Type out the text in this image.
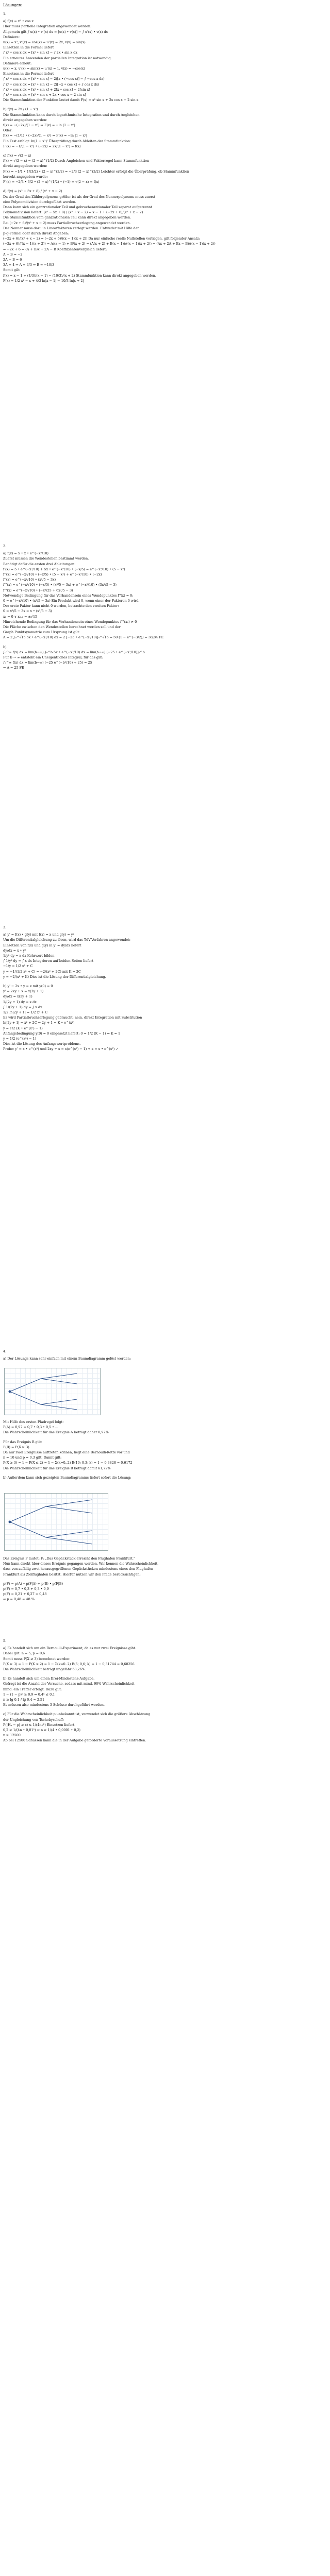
Lösungen:
1.
a) f(x) = x² • cos x
Hier muss partielle Integration angewendet werden.
Allgemein gilt ∫ u(x) • v'(x) dx = [u(x) • v(x)] − ∫ u'(x) • v(x) dx
Definiere:
u(x) = x², v'(x) = cos(x) ⇒ u'(x) = 2x, v(x) = sin(x)
Einsetzen in die Formel liefert
∫ x² • cos x dx = [x² • sin x] − ∫ 2x • sin x dx
Ein erneutes Anwenden der partiellen Integration ist notwendig.
Definiere erneut:
u(x) = x, v'(x) = sin(x) ⇒ u'(x) = 1, v(x) = −cos(x)
Einsetzen in die Formel liefert
∫ x² • cos x dx = [x² • sin x] − 2([x • (−cos x)] − ∫ −cos x dx)
∫ x² • cos x dx = [x² • sin x] − 2([−x • cos x] + ∫ cos x dx)
∫ x² • cos x dx = [x² • sin x] + 2[x • cos x] − 2[sin x]
∫ x² • cos x dx = [x² • sin x + 2x • cos x − 2 sin x]
Die Stammfunktion der Funktion lautet damit F(x) = x² sin x + 2x cos x − 2 sin x
b) f(x) = 2x / (1 − x²)
Die Stammfunktion kann durch logarithmische Integration und durch Angleichen
direkt angegeben werden:
f(x) = −(−2x)/(1 − x²) ⇒ F(x) = −ln |1 − x²|
Oder:
f(x) = −(1/1) • (−2x)/(1 − x²) ⇒ F(x) = −ln |1 − x²|
Ein Test erfolgt: ln(1 − x²)' Überprüfung durch Ableiten der Stammfunktion:
F'(x) = −1/(1 − x²) • (−2x) = 2x/(1 − x²) = f(x)
c) f(x) = √(2 − x)
f(x) = √(2 − x) = (2 − x)^(1/2) Durch Angleichen und Faktorregel kann Stammfunktion
direkt angegeben werden:
F(x) = −1/1 • 1/(3/2) • (2 − x)^(3/2) = −2/3 (2 − x)^(3/2) Leichter erfolgt die Überprüfung, ob Stammfunktion
korrekt angegeben wurde:
F'(x) = −2/3 • 3/2 • (2 − x)^(1/2) • (−1) = √(2 − x) = f(x)
d) f(x) = (x³ − 5x + 8) / (x² + x − 2)
Da der Grad des Zählerpolynoms größer ist als der Grad des Nennerpolynoms muss zuerst
eine Polynomdivision durchgeführt werden.
Dann kann sich ein ganzrationaler Teil und gebrochenrationaler Teil separat aufgetrennt
Polynomdivision liefert: (x³ − 5x + 8) / (x² + x − 2) = x − 1 + (−2x + 6)/(x² + x − 2)
Die Stammfunktion vom ganzrationalen Teil kann direkt angegeben werden.
Bei (−2x + 6)/(x² + x − 2) muss Partialbruchzerlegung angewendet werden.
Der Nenner muss dazu in Linearfaktoren zerlegt werden. Entweder mit Hilfe der
p-q-Formel oder durch direkt Angeben:
(−2x + 6)/(x² + x − 2) = (−2x + 6)/((x − 1)(x + 2)) Da nur einfache reelle Nullstellen vorliegen, gilt folgender Ansatz:
(−2x + 6)/((x − 1)(x + 2)) = A/(x − 1) + B/(x + 2) = (A(x + 2) + B(x − 1))/((x − 1)(x + 2)) = (Ax + 2A + Bx − B)/((x − 1)(x + 2))
⇒ −2x + 6 = (A + B)x + 2A − B Koeffizientenvergleich liefert:
A + B = −2
2A − B = 6
3A = 4 ⇒ A = 4/3 ⇒ B = −10/3
Somit gilt:
f(x) = x − 1 + (4/3)/(x − 1) − (10/3)/(x + 2) Stammfunktion kann direkt angegeben werden.
F(x) = 1/2 x² − x + 4/3 ln|x − 1| − 10/3 ln|x + 2|
2.
a) f(x) = 5 • x • e^(−x²/10)
Zuerst müssen die Wendestellen bestimmt werden.
Benötigt dafür die ersten drei Ableitungen:
f'(x) = 5 • e^(−x²/10) + 5x • e^(−x²/10) • (−x/5) = e^(−x²/10) • (5 − x²)
f''(x) = e^(−x²/10) • (−x/5) • (5 − x²) + e^(−x²/10) • (−2x)
f''(x) = e^(−x²/10) • (x³/5 − 3x)
f'''(x) = e^(−x²/10) • (−x/5) • (x³/5 − 3x) + e^(−x²/10) • (3x²/5 − 3)
f'''(x) = e^(−x²/10) • (−x⁴/25 + 6x²/5 − 3)
Notwendige Bedingung für das Vorhandensein eines Wendepunktes f''(x) = 0:
0 = e^(−x²/10) • (x³/5 − 3x) Ein Produkt wird 0, wenn einer der Faktoren 0 wird.
Der erste Faktor kann nicht 0 werden, betrachte den zweiten Faktor:
0 = x³/5 − 3x = x • (x²/5 − 3)
x₁ = 0 ∨ x₂,₃ = ±√15
Hinreichende Bedingung für das Vorhandensein eines Wendepunktes f'''(x₀) ≠ 0
Die Fläche zwischen den Wendestellen berechnet werden soll und der
Graph Punktsymmetrie zum Ursprung ist gilt:
A = 2 ∫₀^√15 5x • e^(−x²/10) dx = 2 [−25 • e^(−x²/10)]₀^√15 = 50 (1 − e^(−3/2)) ≈ 38,84 FE
b)
∫₀^∞ f(x) dx = lim(b→∞) ∫₀^b 5x • e^(−x²/10) dx = lim(b→∞) [−25 • e^(−x²/10)]₀^b
Für b → ∞ entsteht ein Uneigentliches Integral, für das gilt:
∫₀^∞ f(x) dx = lim(b→∞) (−25 e^(−b²/10) + 25) = 25
⇒ A = 25 FE
3.
a) y' = f(x) • g(y) mit f(x) = x und g(y) = y²
Um die Differentialgleichung zu lösen, wird das TdV-Verfahren angewendet:
Einsetzen von f(x) und g(y) in y' = dy/dx liefert
dy/dx = x • y²
1/y² dy = x dx Kehrwert bilden
∫ 1/y² dy = ∫ x dx Integrieren auf beiden Seiten liefert
−1/y = 1/2 x² + C
y = −1/(1/2 x² + C) = −2/(x² + 2C) mit K = 2C
y = −2/(x² + K) Dies ist die Lösung der Differentialgleichung.
b) y' − 2x • y = x mit y(0) = 0
y' = 2xy + x = x(2y + 1)
dy/dx = x(2y + 1)
1/(2y + 1) dy = x dx
∫ 1/(2y + 1) dy = ∫ x dx
1/2 ln|2y + 1| = 1/2 x² + C
Es wird Partialbruchzerlegung gebraucht: nein, direkt Integration mit Substitution
ln|2y + 1| = x² + 2C ⇒ 2y + 1 = K • e^(x²)
y = 1/2 (K • e^(x²) − 1)
Anfangsbedingung y(0) = 0 eingesetzt liefert: 0 = 1/2 (K − 1) ⇒ K = 1
y = 1/2 (e^(x²) − 1)
Dies ist die Lösung des Anfangswertproblems.
Probe: y' = x • e^(x²) und 2xy + x = x(e^(x²) − 1) + x = x • e^(x²) ✓
4.
a) Der Lösungs kann sehr einfach mit einem Baumdiagramm gelöst werden:
Mit Hilfe des ersten Pfadregel folgt:
P(A) = 0,97 = 0,7 • 0,3 • 0,5 • ...
Die Wahrscheinlichkeit für das Ereignis A beträgt daher 0,97%
Für das Ereignis B gilt:
P(B) = P(X ≥ 3)
Da nur zwei Ereignisse auftreten können, liegt eine Bernoulli-Kette vor und
n = 10 und p = 0,3 gilt. Damit gilt:
P(X ≥ 3) = 1 − P(X ≤ 2) = 1 − Σ(k=0..2) B(10; 0,3; k) = 1 − 0,3828 = 0,6172
Die Wahrscheinlichkeit für das Ereignis B beträgt damit 61,72%
b) Außerdem kann sich gezeigten Baumdiagramms liefert sofort die Lösung:
Das Ereignis F lautet: F: „Das Gepäckstück erreicht den Flughafen Frankfurt.“
Nun kann direkt über dieses Ereignis gegangen werden. Wir kennen die Wahrscheinlichkeit,
dass von zufällig zwei herausgegriffenen Gepäckstücken mindestens eines den Flughafen
Frankfurt als Zielflughafen besitzt. Hierfür nutzen wir den Pfade berücksichtigen:
p(F) = p(A) • p(F|A) + p(B) • p(F|B)
p(F) = 0,7 • 0,3 + 0,3 • 0,9
p(F) = 0,21 + 0,27 = 0,48
⇒ p = 0,48 ≈ 48 %
5.
a) Es handelt sich um ein Bernoulli-Experiment, da es nur zwei Ereignisse gibt.
Dabei gilt: n = 5, p = 0,6
Somit muss P(X ≥ 3) berechnet werden:
P(X ≥ 3) = 1 − P(X ≤ 2) = 1 − Σ(k=0..2) B(5; 0,6; k) = 1 − 0,31744 = 0,68256
Die Wahrscheinlichkeit beträgt ungefähr 68,26%.
b) Es handelt sich um einen Drei-Mindestens-Aufgabe.
Gefragt ist die Anzahl der Versuche, sodass mit mind. 90% Wahrscheinlichkeit
mind. ein Treffer erfolgt. Dazu gilt:
1 − (1 − p)ⁿ ≥ 0,9 ⇒ 0,4ⁿ ≤ 0,1
n ≥ lg 0,1 / lg 0,4 ≈ 2,51
Es müssen also mindestens 3 Schüsse durchgeführt werden.
c) Für die Wahrscheinlichkeit p unbekannt ist, verwendet sich die größere Abschätzung
der Ungleichung von Tschebyscheff:
P(|Hₙ − p| ≥ ε) ≤ 1/(4nε²) Einsetzen liefert
0,2 ≥ 1/(4n • 0,01²) ⇒ n ≥ 1/(4 • 0,0001 • 0,2)
n ≥ 12500
Ab bei 12500 Schüssen kann die in der Aufgabe geforderte Voraussetzung eintreffen.
